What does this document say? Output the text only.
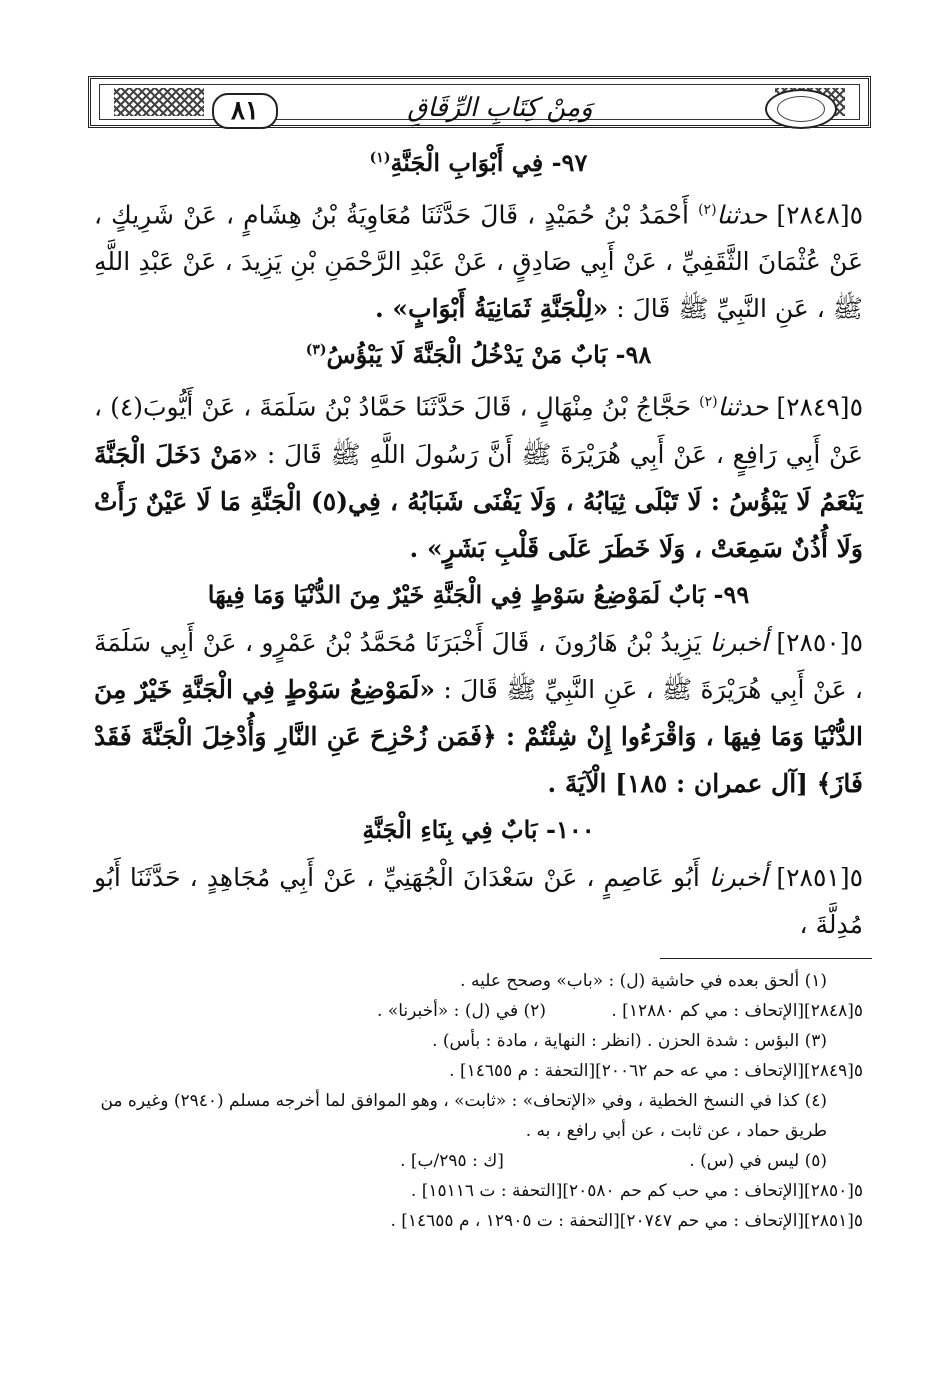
٨١	وَمِنْ كِتَابِ الرِّقَاقِ
٩٧- فِي أَبْوَابِ الْجَنَّةِ$^{(١)}$

٥[٢٨٤٨] حدثنا$^{(٢)}$ أَحْمَدُ بْنُ حُمَيْدٍ ، قَالَ حَدَّثَنَا مُعَاوِيَةُ بْنُ هِشَامٍ ، عَنْ شَرِيكٍ ، عَنْ عُثْمَانَ الثَّقَفِيِّ ، عَنْ أَبِي صَادِقٍ ، عَنْ عَبْدِ الرَّحْمَنِ بْنِ يَزِيدَ ، عَنْ عَبْدِ اللَّهِ ﷺ ، عَنِ النَّبِيِّ ﷺ قَالَ : «لِلْجَنَّةِ ثَمَانِيَةُ أَبْوَابٍ» .

٩٨- بَابٌ مَنْ يَدْخُلُ الْجَنَّةَ لَا يَبْؤُسُ$^{(٣)}$

٥[٢٨٤٩] حدثنا$^{(٢)}$ حَجَّاجُ بْنُ مِنْهَالٍ ، قَالَ حَدَّثَنَا حَمَّادُ بْنُ سَلَمَةَ ، عَنْ أَيُّوبَ(٤) ، عَنْ أَبِي رَافِعٍ ، عَنْ أَبِي هُرَيْرَةَ ﷺ أَنَّ رَسُولَ اللَّهِ ﷺ قَالَ : «مَنْ دَخَلَ الْجَنَّةَ يَنْعَمُ لَا يَبْؤُسُ : لَا تَبْلَى ثِيَابُهُ ، وَلَا يَفْنَى شَبَابُهُ ، فِي(٥) الْجَنَّةِ مَا لَا عَيْنٌ رَأَتْ وَلَا أُذُنٌ سَمِعَتْ ، وَلَا خَطَرَ عَلَى قَلْبِ بَشَرٍ» .

٩٩- بَابٌ لَمَوْضِعُ سَوْطٍ فِي الْجَنَّةِ خَيْرٌ مِنَ الدُّنْيَا وَمَا فِيهَا

٥[٢٨٥٠] أخبرنا يَزِيدُ بْنُ هَارُونَ ، قَالَ أَخْبَرَنَا مُحَمَّدُ بْنُ عَمْرٍو ، عَنْ أَبِي سَلَمَةَ ، عَنْ أَبِي هُرَيْرَةَ ﷺ ، عَنِ النَّبِيِّ ﷺ قَالَ : «لَمَوْضِعُ سَوْطٍ فِي الْجَنَّةِ خَيْرٌ مِنَ الدُّنْيَا وَمَا فِيهَا ، وَاقْرَءُوا إِنْ شِئْتُمْ : ﴿فَمَن زُحْزِحَ عَنِ النَّارِ وَأُدْخِلَ الْجَنَّةَ فَقَدْ فَازَ﴾ [آل عمران : ١٨٥] الْآيَةَ .

١٠٠- بَابٌ فِي بِنَاءِ الْجَنَّةِ

٥[٢٨٥١] أخبرنا أَبُو عَاصِمٍ ، عَنْ سَعْدَانَ الْجُهَنِيِّ ، عَنْ أَبِي مُجَاهِدٍ ، حَدَّثَنَا أَبُو مُدِلَّةَ ،

(١) ألحق بعده في حاشية (ل) : «باب» وصحح عليه .

٥[٢٨٤٨][الإتحاف : مي كم ١٢٨٨٠] . (٢) في (ل) : «أخبرنا» .

(٣) البؤس : شدة الحزن . (انظر : النهاية ، مادة : بأس) .

٥[٢٨٤٩][الإتحاف : مي عه حم ٢٠٠٦٢][التحفة : م ١٤٦٥٥] .

(٤) كذا في النسخ الخطية ، وفي «الإتحاف» : «ثابت» ، وهو الموافق لما أخرجه مسلم (٢٩٤٠) وغيره من طريق حماد ، عن ثابت ، عن أبي رافع ، به .

(٥) ليس في (س) . [ك : ٢٩٥/ب] .

٥[٢٨٥٠][الإتحاف : مي حب كم حم ٢٠٥٨٠][التحفة : ت ١٥١١٦] .

٥[٢٨٥١][الإتحاف : مي حم ٢٠٧٤٧][التحفة : ت ١٢٩٠٥ ، م ١٤٦٥٥] .
